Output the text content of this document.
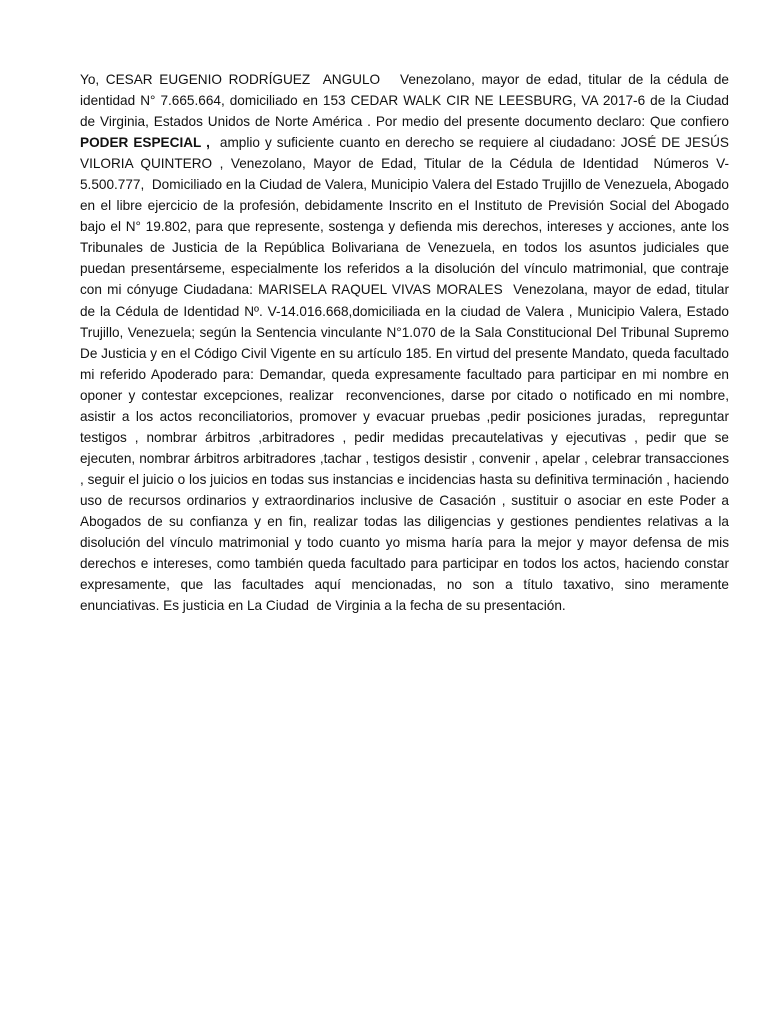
Yo, CESAR EUGENIO RODRÍGUEZ  ANGULO   Venezolano, mayor de edad, titular de la cédula de identidad N° 7.665.664, domiciliado en 153 CEDAR WALK CIR NE LEESBURG, VA 2017-6 de la Ciudad de Virginia, Estados Unidos de Norte América . Por medio del presente documento declaro: Que confiero PODER ESPECIAL ,  amplio y suficiente cuanto en derecho se requiere al ciudadano: JOSÉ DE JESÚS VILORIA QUINTERO , Venezolano, Mayor de Edad, Titular de la Cédula de Identidad  Números V-5.500.777,  Domiciliado en la Ciudad de Valera, Municipio Valera del Estado Trujillo de Venezuela, Abogado en el libre ejercicio de la profesión, debidamente Inscrito en el Instituto de Previsión Social del Abogado bajo el N° 19.802, para que represente, sostenga y defienda mis derechos, intereses y acciones, ante los Tribunales de Justicia de la República Bolivariana de Venezuela, en todos los asuntos judiciales que puedan presentárseme, especialmente los referidos a la disolución del vínculo matrimonial, que contraje con mi cónyuge Ciudadana: MARISELA RAQUEL VIVAS MORALES  Venezolana, mayor de edad, titular de la Cédula de Identidad Nº. V-14.016.668,domiciliada en la ciudad de Valera , Municipio Valera, Estado Trujillo, Venezuela; según la Sentencia vinculante N°1.070 de la Sala Constitucional Del Tribunal Supremo De Justicia y en el Código Civil Vigente en su artículo 185. En virtud del presente Mandato, queda facultado mi referido Apoderado para: Demandar, queda expresamente facultado para participar en mi nombre en  oponer y contestar excepciones, realizar  reconvenciones, darse por citado o notificado en mi nombre, asistir a los actos reconciliatorios, promover y evacuar pruebas ,pedir posiciones juradas,  repreguntar testigos , nombrar árbitros ,arbitradores , pedir medidas precautelativas y ejecutivas , pedir que se ejecuten, nombrar árbitros arbitradores ,tachar , testigos desistir , convenir , apelar , celebrar transacciones , seguir el juicio o los juicios en todas sus instancias e incidencias hasta su definitiva terminación , haciendo uso de recursos ordinarios y extraordinarios inclusive de Casación , sustituir o asociar en este Poder a Abogados de su confianza y en fin, realizar todas las diligencias y gestiones pendientes relativas a la disolución del vínculo matrimonial y todo cuanto yo misma haría para la mejor y mayor defensa de mis derechos e intereses, como también queda facultado para participar en todos los actos, haciendo constar expresamente, que las facultades aquí mencionadas, no son a título taxativo, sino meramente enunciativas. Es justicia en La Ciudad  de Virginia a la fecha de su presentación.
